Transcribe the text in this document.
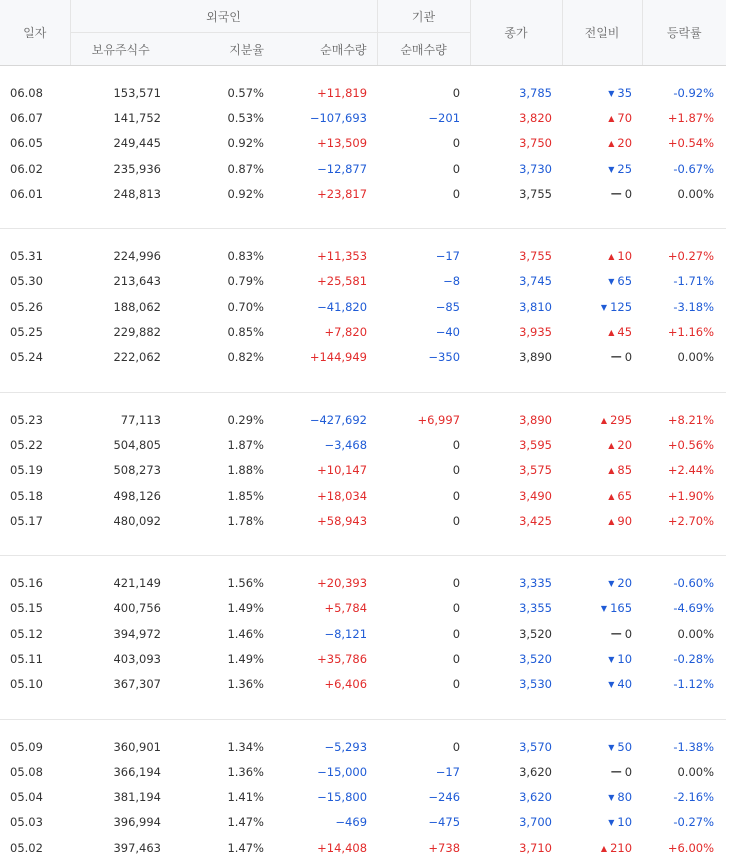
일자	외국인			기관	종가	전일비	등락률
	보유주식수	지분율	순매수량	순매수량			

06.08	153,571	0.57%	+11,819	0	3,785	▼ 35	-0.92%
06.07	141,752	0.53%	−107,693	−201	3,820	▲ 70	+1.87%
06.05	249,445	0.92%	+13,509	0	3,750	▲ 20	+0.54%
06.02	235,936	0.87%	−12,877	0	3,730	▼ 25	-0.67%
06.01	248,813	0.92%	+23,817	0	3,755	— 0	0.00%

05.31	224,996	0.83%	+11,353	−17	3,755	▲ 10	+0.27%
05.30	213,643	0.79%	+25,581	−8	3,745	▼ 65	-1.71%
05.26	188,062	0.70%	−41,820	−85	3,810	▼ 125	-3.18%
05.25	229,882	0.85%	+7,820	−40	3,935	▲ 45	+1.16%
05.24	222,062	0.82%	+144,949	−350	3,890	— 0	0.00%

05.23	77,113	0.29%	−427,692	+6,997	3,890	▲ 295	+8.21%
05.22	504,805	1.87%	−3,468	0	3,595	▲ 20	+0.56%
05.19	508,273	1.88%	+10,147	0	3,575	▲ 85	+2.44%
05.18	498,126	1.85%	+18,034	0	3,490	▲ 65	+1.90%
05.17	480,092	1.78%	+58,943	0	3,425	▲ 90	+2.70%

05.16	421,149	1.56%	+20,393	0	3,335	▼ 20	-0.60%
05.15	400,756	1.49%	+5,784	0	3,355	▼ 165	-4.69%
05.12	394,972	1.46%	−8,121	0	3,520	— 0	0.00%
05.11	403,093	1.49%	+35,786	0	3,520	▼ 10	-0.28%
05.10	367,307	1.36%	+6,406	0	3,530	▼ 40	-1.12%

05.09	360,901	1.34%	−5,293	0	3,570	▼ 50	-1.38%
05.08	366,194	1.36%	−15,000	−17	3,620	— 0	0.00%
05.04	381,194	1.41%	−15,800	−246	3,620	▼ 80	-2.16%
05.03	396,994	1.47%	−469	−475	3,700	▼ 10	-0.27%
05.02	397,463	1.47%	+14,408	+738	3,710	▲ 210	+6.00%
